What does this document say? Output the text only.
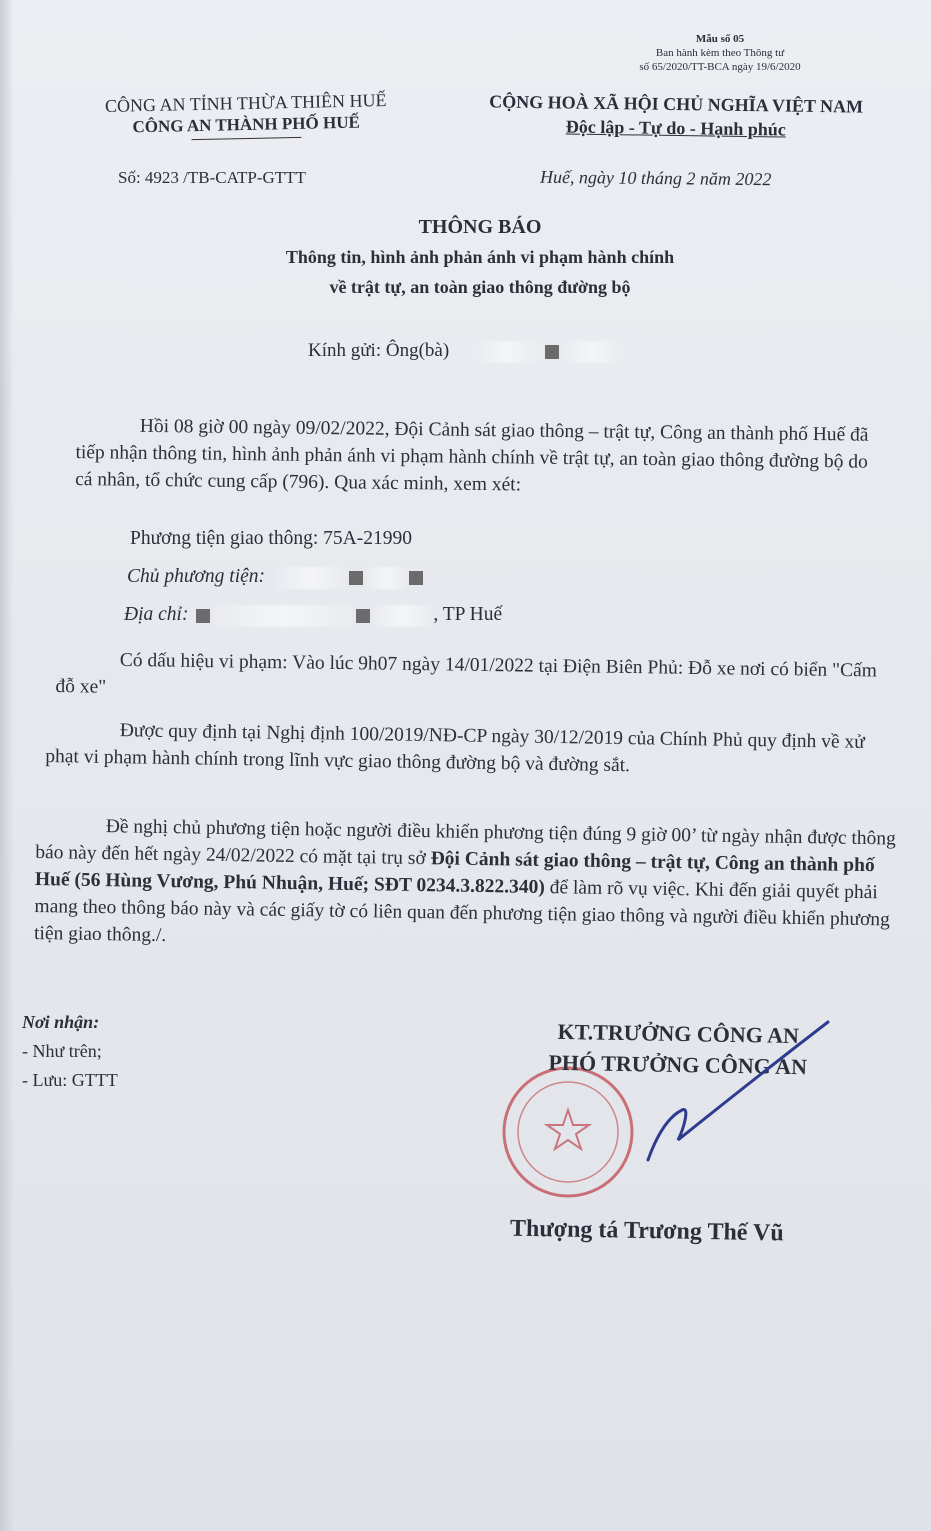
Mẫu số 05
Ban hành kèm theo Thông tư
số 65/2020/TT-BCA ngày 19/6/2020
CÔNG AN TỈNH THỪA THIÊN HUẾ
CÔNG AN THÀNH PHỐ HUẾ
CỘNG HOÀ XÃ HỘI CHỦ NGHĨA VIỆT NAM
Độc lập - Tự do - Hạnh phúc
Số: 4923 /TB-CATP-GTTT	Huế, ngày 10 tháng 2 năm 2022
THÔNG BÁO
Thông tin, hình ảnh phản ánh vi phạm hành chính
về trật tự, an toàn giao thông đường bộ
Kính gửi: Ông(bà)
Hồi 08 giờ 00 ngày 09/02/2022, Đội Cảnh sát giao thông – trật tự, Công an thành phố Huế đã tiếp nhận thông tin, hình ảnh phản ánh vi phạm hành chính về trật tự, an toàn giao thông đường bộ do cá nhân, tổ chức cung cấp (796). Qua xác minh, xem xét:
Phương tiện giao thông: 75A-21990
Chủ phương tiện:
Địa chỉ:	, TP Huế
Có dấu hiệu vi phạm: Vào lúc 9h07 ngày 14/01/2022 tại Điện Biên Phủ: Đỗ xe nơi có biển "Cấm đỗ xe"
Được quy định tại Nghị định 100/2019/NĐ-CP ngày 30/12/2019 của Chính Phủ quy định về xử phạt vi phạm hành chính trong lĩnh vực giao thông đường bộ và đường sắt.
Đề nghị chủ phương tiện hoặc người điều khiển phương tiện đúng 9 giờ 00’ từ ngày nhận được thông báo này đến hết ngày 24/02/2022 có mặt tại trụ sở Đội Cảnh sát giao thông – trật tự, Công an thành phố Huế (56 Hùng Vương, Phú Nhuận, Huế; SĐT 0234.3.822.340) để làm rõ vụ việc. Khi đến giải quyết phải mang theo thông báo này và các giấy tờ có liên quan đến phương tiện giao thông và người điều khiển phương tiện giao thông./.
Nơi nhận:
- Như trên;
- Lưu: GTTT
KT.TRƯỞNG CÔNG AN
PHÓ TRƯỞNG CÔNG AN
Thượng tá Trương Thế Vũ
